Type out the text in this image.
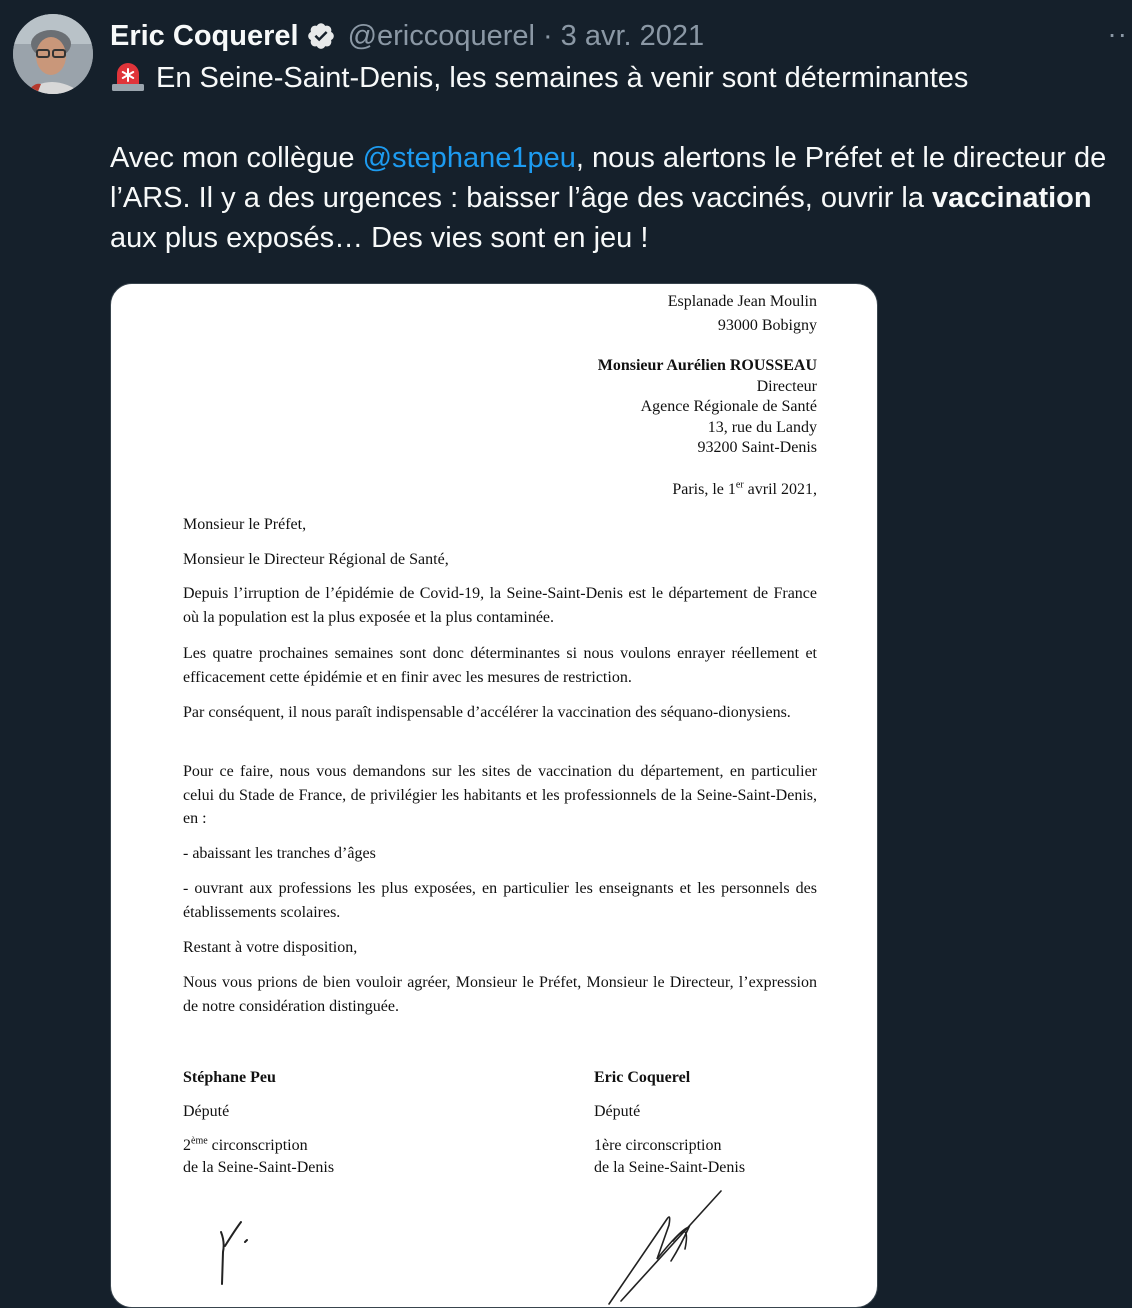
Eric Coquerel @ericcoquerel · 3 avr. 2021	··

En Seine-Saint-Denis, les semaines à venir sont déterminantes

Avec mon collègue @stephane1peu, nous alertons le Préfet et le directeur de l’ARS. Il y a des urgences : baisser l’âge des vaccinés, ouvrir la vaccination aux plus exposés… Des vies sont en jeu !

Esplanade Jean Moulin
93000 Bobigny
Monsieur Aurélien ROUSSEAU
Directeur
Agence Régionale de Santé
13, rue du Landy
93200 Saint-Denis
Paris, le 1er avril 2021,
Monsieur le Préfet,
Monsieur le Directeur Régional de Santé,
Depuis l’irruption de l’épidémie de Covid-19, la Seine-Saint-Denis est le département de France où la population est la plus exposée et la plus contaminée.
Les quatre prochaines semaines sont donc déterminantes si nous voulons enrayer réellement et efficacement cette épidémie et en finir avec les mesures de restriction.
Par conséquent, il nous paraît indispensable d’accélérer la vaccination des séquano-dionysiens.
Pour ce faire, nous vous demandons sur les sites de vaccination du département, en particulier celui du Stade de France, de privilégier les habitants et les professionnels de la Seine-Saint-Denis, en :
- abaissant les tranches d’âges
- ouvrant aux professions les plus exposées, en particulier les enseignants et les personnels des établissements scolaires.
Restant à votre disposition,
Nous vous prions de bien vouloir agréer, Monsieur le Préfet, Monsieur le Directeur, l’expression de notre considération distinguée.
Stéphane Peu
Député
2ème circonscription
de la Seine-Saint-Denis
Eric Coquerel
Député
1ère circonscription
de la Seine-Saint-Denis
